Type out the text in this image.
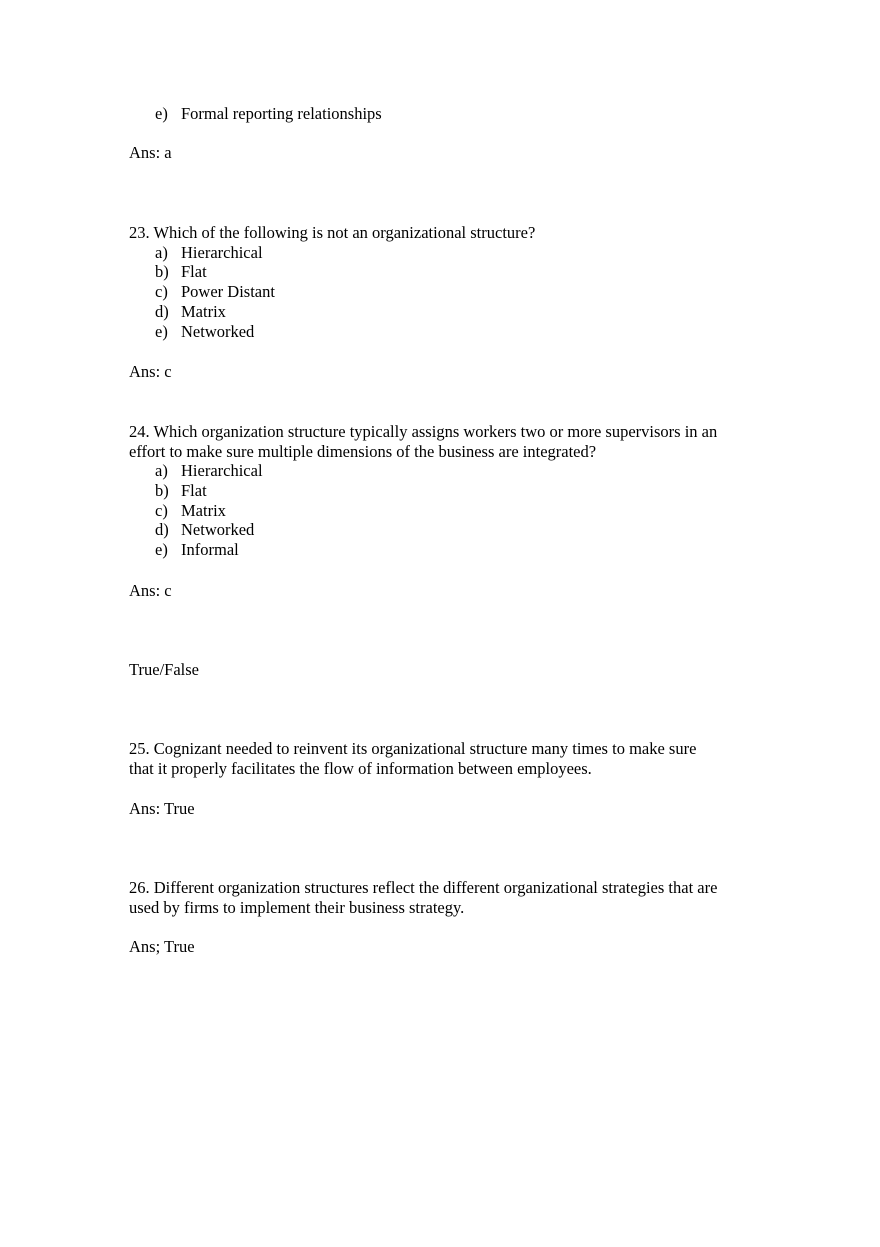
e) Formal reporting relationships

Ans: a

23. Which of the following is not an organizational structure?

a) Hierarchical
b) Flat
c) Power Distant
d) Matrix
e) Networked

Ans: c

24. Which organization structure typically assigns workers two or more supervisors in an

effort to make sure multiple dimensions of the business are integrated?

a) Hierarchical
b) Flat
c) Matrix
d) Networked
e) Informal

Ans: c

True/False

25. Cognizant needed to reinvent its organizational structure many times to make sure

that it properly facilitates the flow of information between employees.

Ans: True

26. Different organization structures reflect the different organizational strategies that are

used by firms to implement their business strategy.

Ans; True
